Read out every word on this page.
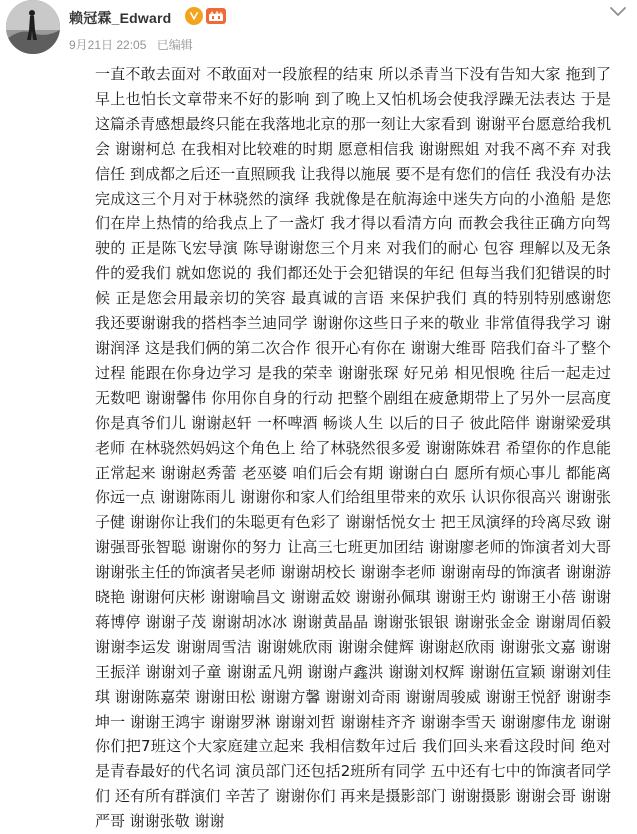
赖冠霖_Edward
9月21日 22:05 已编辑
一直不敢去面对 不敢面对一段旅程的结束 所以杀青当下没有告知大家 拖到了早上也怕长文章带来不好的影响 到了晚上又怕机场会使我浮躁无法表达 于是这篇杀青感想最终只能在我落地北京的那一刻让大家看到 谢谢平台愿意给我机会 谢谢柯总 在我相对比较难的时期 愿意相信我 谢谢熙姐 对我不离不弃 对我信任 到成都之后还一直照顾我 让我得以施展 要不是有您们的信任 我没有办法完成这三个月对于林骁然的演绎 我就像是在航海途中迷失方向的小渔船 是您们在岸上热情的给我点上了一盏灯 我才得以看清方向 而教会我往正确方向驾驶的 正是陈飞宏导演 陈导谢谢您三个月来 对我们的耐心 包容 理解以及无条件的爱我们 就如您说的 我们都还处于会犯错误的年纪 但每当我们犯错误的时候 正是您会用最亲切的笑容 最真诚的言语 来保护我们 真的特别特别感谢您 我还要谢谢我的搭档李兰迪同学 谢谢你这些日子来的敬业 非常值得我学习 谢谢润泽 这是我们俩的第二次合作 很开心有你在 谢谢大维哥 陪我们奋斗了整个过程 能跟在你身边学习 是我的荣幸 谢谢张琛 好兄弟 相见恨晚 往后一起走过无数吧 谢谢馨伟 你用你自身的行动 把整个剧组在疲惫期带上了另外一层高度 你是真爷们儿 谢谢赵轩 一杯啤酒 畅谈人生 以后的日子 彼此陪伴 谢谢梁爱琪老师 在林骁然妈妈这个角色上 给了林骁然很多爱 谢谢陈姝君 希望你的作息能正常起来 谢谢赵秀蕾 老巫婆 咱们后会有期 谢谢白白 愿所有烦心事儿 都能离你远一点 谢谢陈雨儿 谢谢你和家人们给组里带来的欢乐 认识你很高兴 谢谢张子健 谢谢你让我们的朱聪更有色彩了 谢谢恬悦女士 把王凤演绎的玲离尽致 谢谢强哥张智聪 谢谢你的努力 让高三七班更加团结 谢谢廖老师的饰演者刘大哥 谢谢张主任的饰演者吴老师 谢谢胡校长 谢谢李老师 谢谢南母的饰演者 谢谢游晓艳 谢谢何庆彬 谢谢喻昌文 谢谢孟姣 谢谢孙佩琪 谢谢王灼 谢谢王小蓓 谢谢蒋博停 谢谢子茂 谢谢胡冰冰 谢谢黄晶晶 谢谢张银银 谢谢张金金 谢谢周佰毅 谢谢李运发 谢谢周雪洁 谢谢姚欣雨 谢谢余健辉 谢谢赵欣雨 谢谢张文嘉 谢谢王振洋 谢谢刘子童 谢谢孟凡朔 谢谢卢鑫洪 谢谢刘权辉 谢谢伍宣颖 谢谢刘佳琪 谢谢陈嘉荣 谢谢田松 谢谢方馨 谢谢刘奇雨 谢谢周骏威 谢谢王悦舒 谢谢李坤一 谢谢王鸿宇 谢谢罗淋 谢谢刘哲 谢谢桂齐齐 谢谢李雪天 谢谢廖伟龙 谢谢你们把7班这个大家庭建立起来 我相信数年过后 我们回头来看这段时间 绝对是青春最好的代名词 演员部门还包括2班所有同学 五中还有七中的饰演者同学们 还有所有群演们 辛苦了 谢谢你们 再来是摄影部门 谢谢摄影 谢谢会哥 谢谢严哥 谢谢张敬 谢谢
